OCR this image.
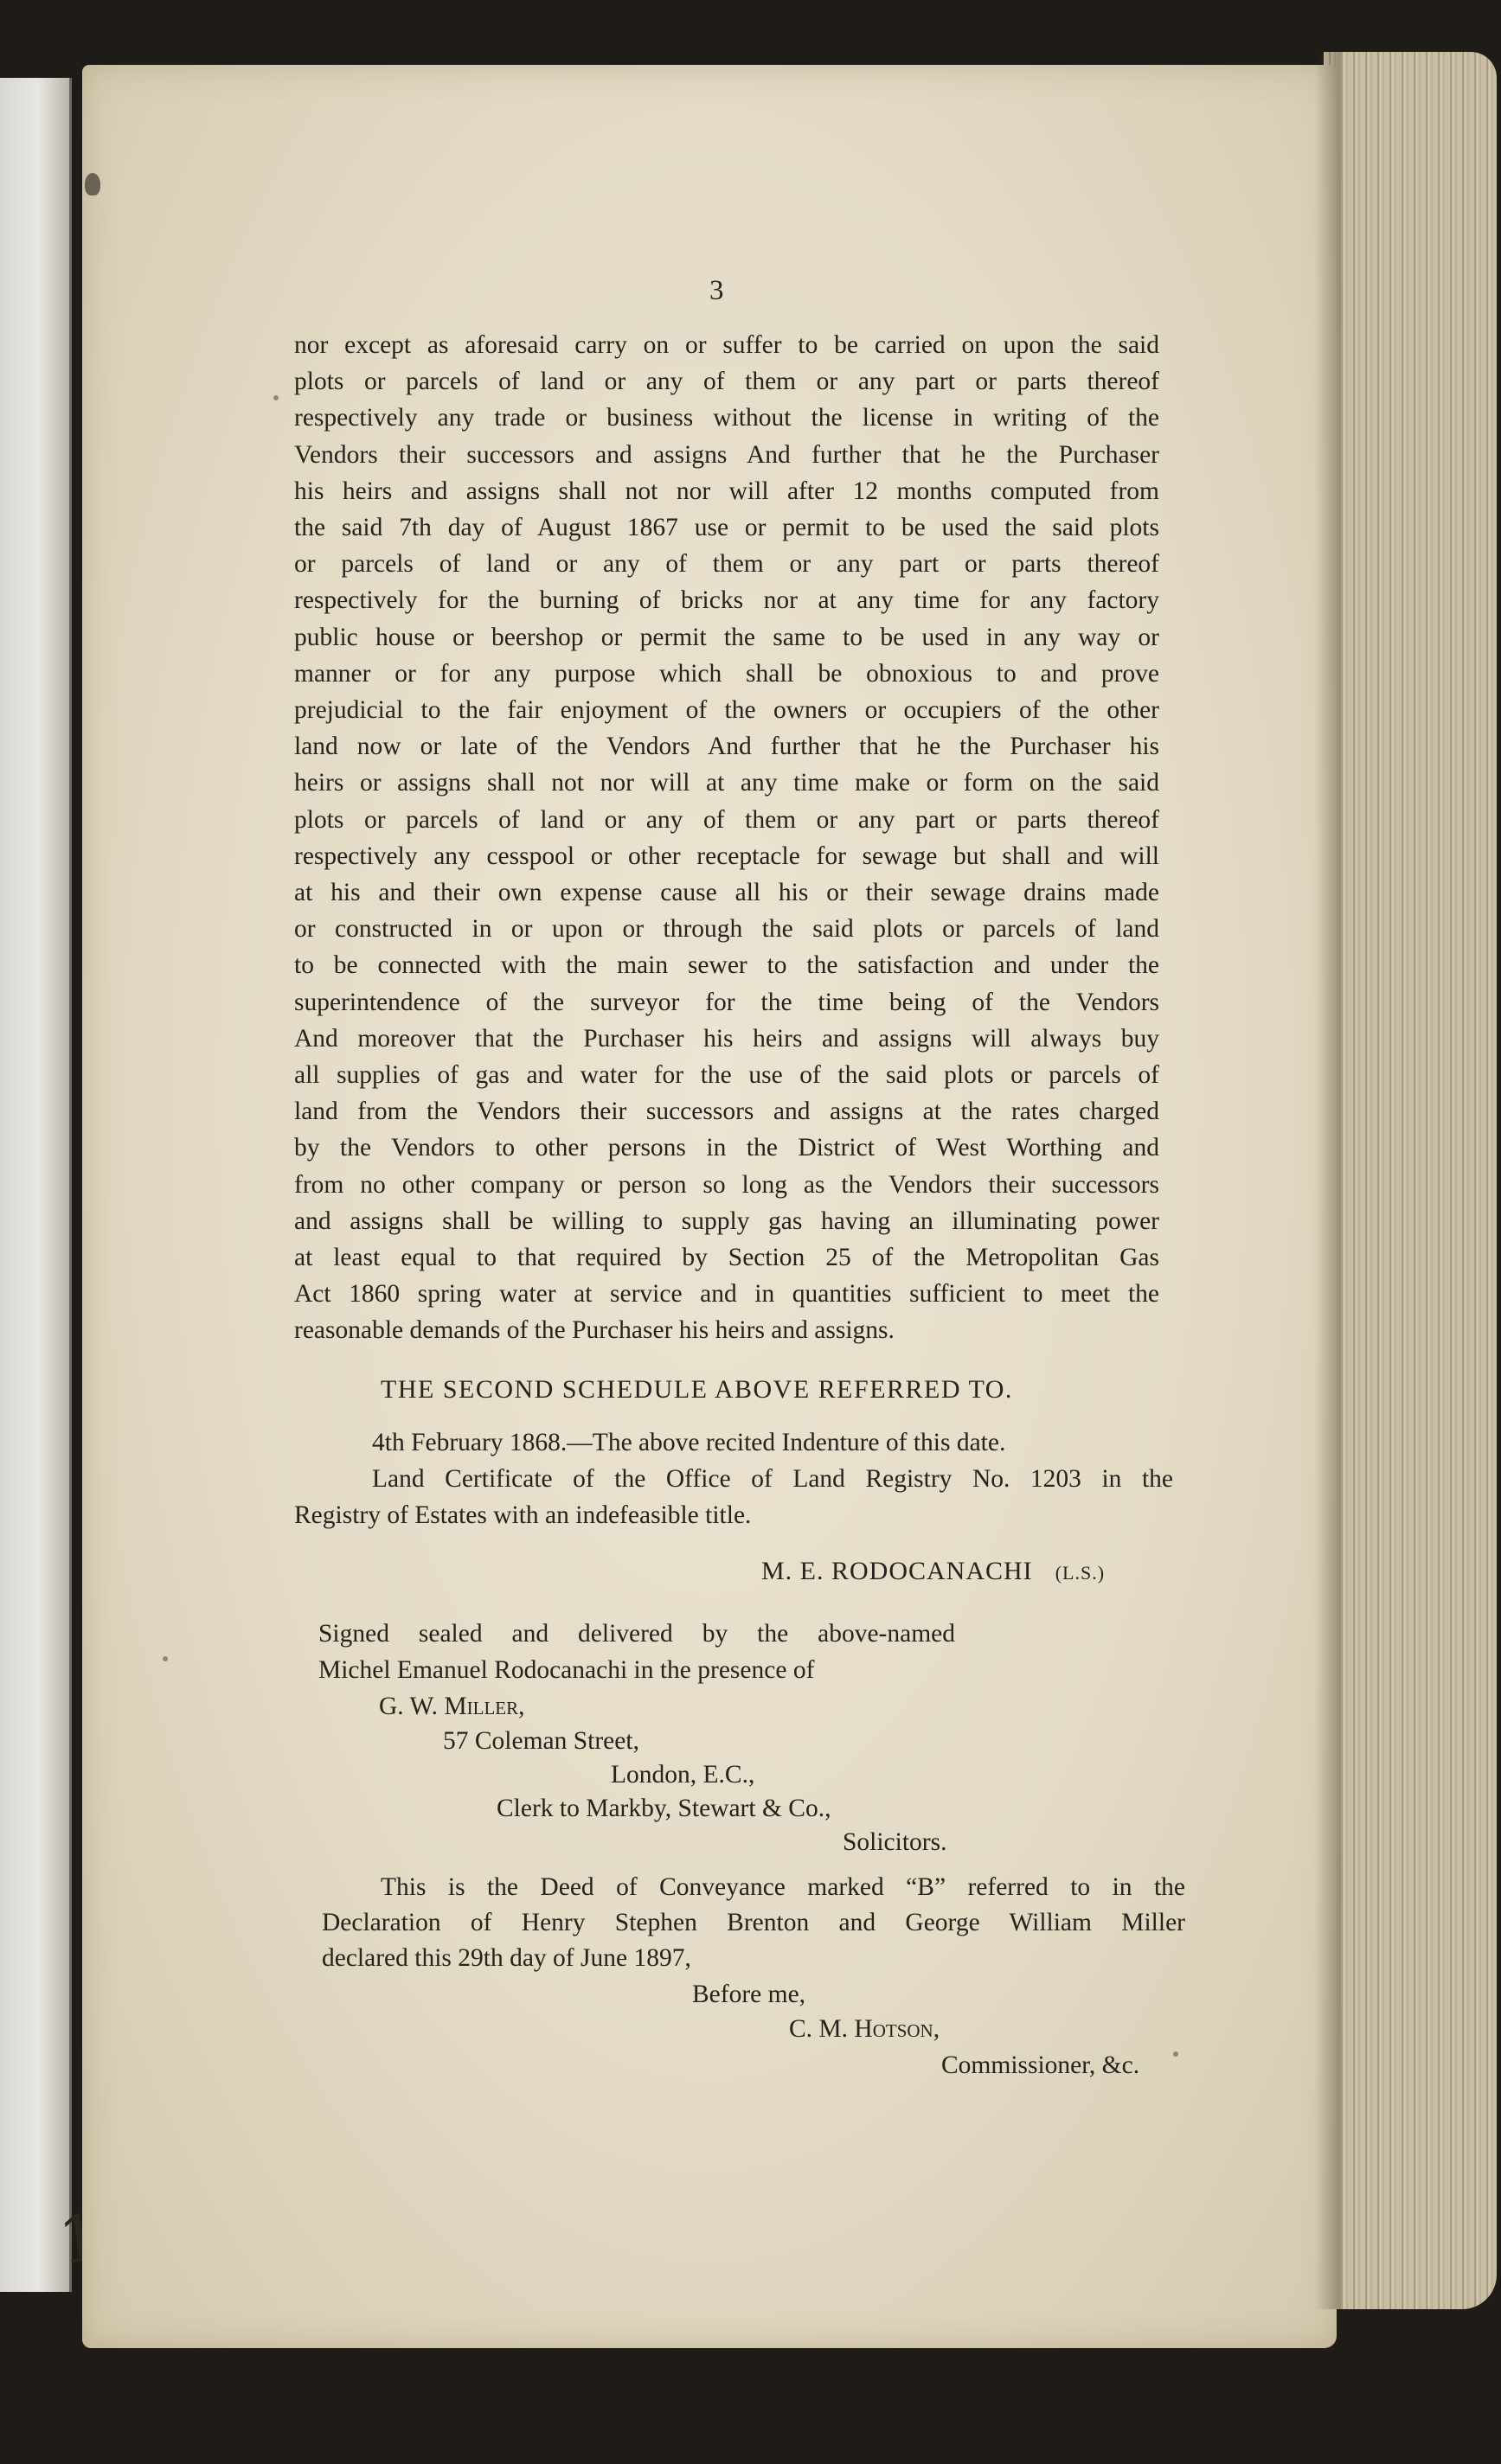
3
nor except as aforesaid carry on or suffer to be carried on upon the said
plots or parcels of land or any of them or any part or parts thereof
respectively any trade or business without the license in writing of the
Vendors their successors and assigns And further that he the Purchaser
his heirs and assigns shall not nor will after 12 months computed from
the said 7th day of August 1867 use or permit to be used the said plots
or parcels of land or any of them or any part or parts thereof
respectively for the burning of bricks nor at any time for any factory
public house or beershop or permit the same to be used in any way or
manner or for any purpose which shall be obnoxious to and prove
prejudicial to the fair enjoyment of the owners or occupiers of the other
land now or late of the Vendors And further that he the Purchaser his
heirs or assigns shall not nor will at any time make or form on the said
plots or parcels of land or any of them or any part or parts thereof
respectively any cesspool or other receptacle for sewage but shall and will
at his and their own expense cause all his or their sewage drains made
or constructed in or upon or through the said plots or parcels of land
to be connected with the main sewer to the satisfaction and under the
superintendence of the surveyor for the time being of the Vendors
And moreover that the Purchaser his heirs and assigns will always buy
all supplies of gas and water for the use of the said plots or parcels of
land from the Vendors their successors and assigns at the rates charged
by the Vendors to other persons in the District of West Worthing and
from no other company or person so long as the Vendors their successors
and assigns shall be willing to supply gas having an illuminating power
at least equal to that required by Section 25 of the Metropolitan Gas
Act 1860 spring water at service and in quantities sufficient to meet the
reasonable demands of the Purchaser his heirs and assigns.
THE SECOND SCHEDULE ABOVE REFERRED TO.
4th February 1868.—The above recited Indenture of this date.
Land Certificate of the Office of Land Registry No. 1203 in the
Registry of Estates with an indefeasible title.
M. E. RODOCANACHI (L.S.)
Signed sealed and delivered by the above-named
Michel Emanuel Rodocanachi in the presence of
G. W. Miller,
57 Coleman Street,
London, E.C.,
Clerk to Markby, Stewart & Co.,
Solicitors.
This is the Deed of Conveyance marked “B” referred to in the
Declaration of Henry Stephen Brenton and George William Miller
declared this 29th day of June 1897,
Before me,
C. M. Hotson,
Commissioner, &c.
